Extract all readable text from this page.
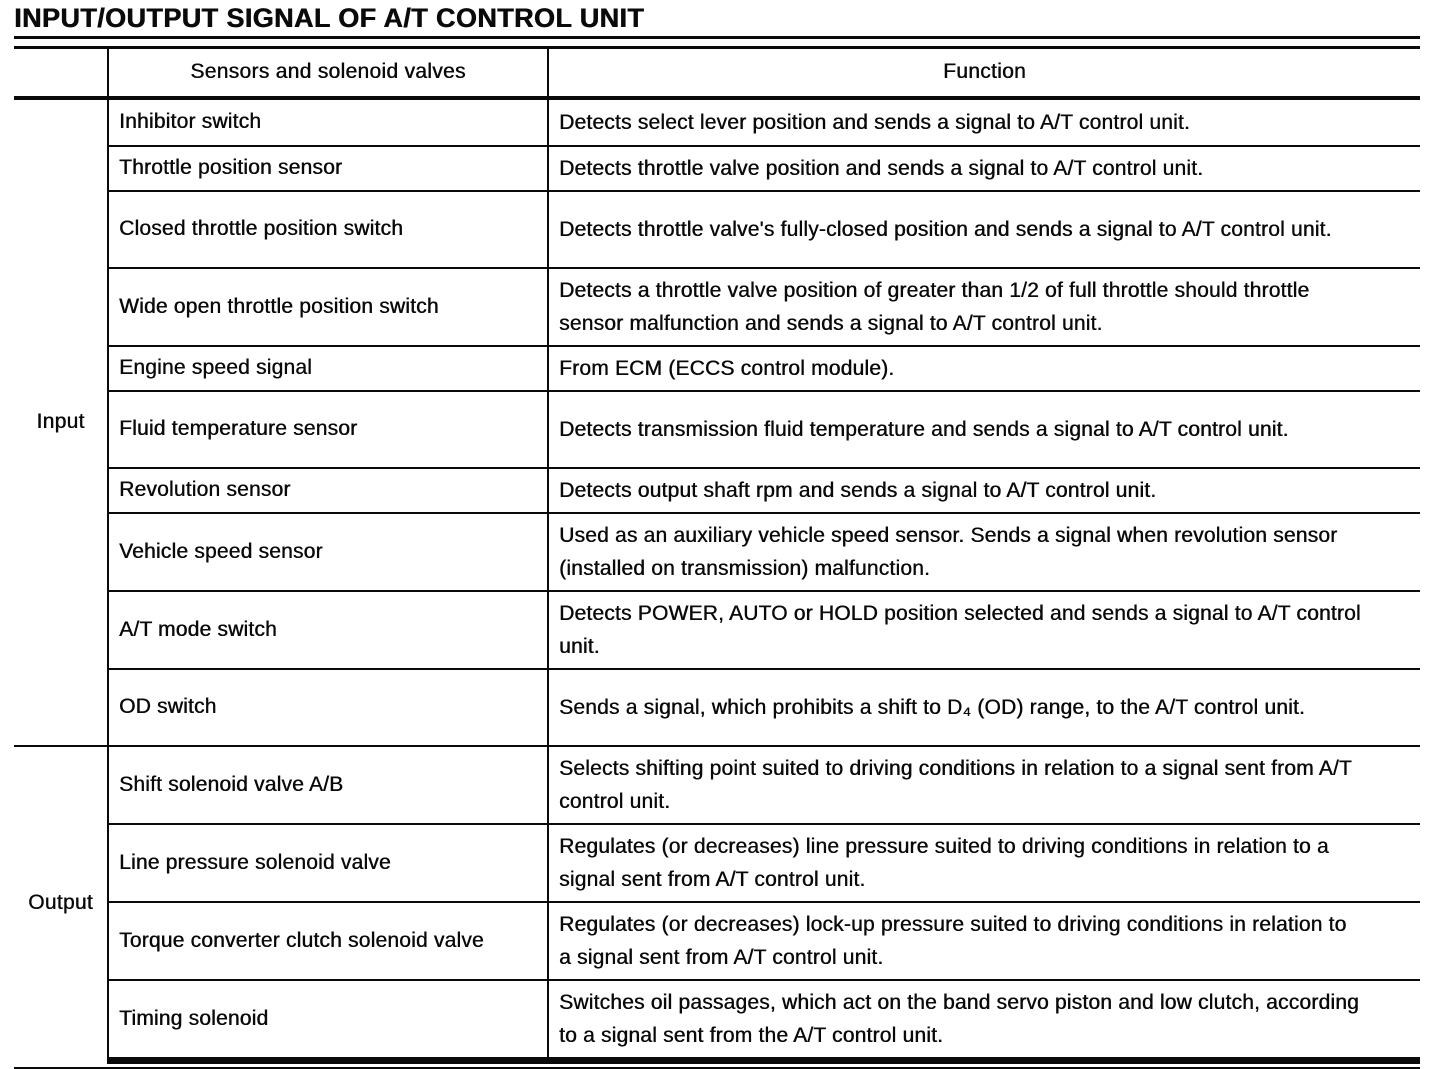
INPUT/OUTPUT SIGNAL OF A/T CONTROL UNIT
	Sensors and solenoid valves	Function
Input	Inhibitor switch	Detects select lever position and sends a signal to A/T control unit.
	Throttle position sensor	Detects throttle valve position and sends a signal to A/T control unit.
	Closed throttle position switch	Detects throttle valve's fully-closed position and sends a signal to A/T control unit.
	Wide open throttle position switch	Detects a throttle valve position of greater than 1/2 of full throttle should throttle sensor malfunction and sends a signal to A/T control unit.
	Engine speed signal	From ECM (ECCS control module).
	Fluid temperature sensor	Detects transmission fluid temperature and sends a signal to A/T control unit.
	Revolution sensor	Detects output shaft rpm and sends a signal to A/T control unit.
	Vehicle speed sensor	Used as an auxiliary vehicle speed sensor. Sends a signal when revolution sensor (installed on transmission) malfunction.
	A/T mode switch	Detects POWER, AUTO or HOLD position selected and sends a signal to A/T control unit.
	OD switch	Sends a signal, which prohibits a shift to D₄ (OD) range, to the A/T control unit.
Output	Shift solenoid valve A/B	Selects shifting point suited to driving conditions in relation to a signal sent from A/T control unit.
	Line pressure solenoid valve	Regulates (or decreases) line pressure suited to driving conditions in relation to a signal sent from A/T control unit.
	Torque converter clutch solenoid valve	Regulates (or decreases) lock-up pressure suited to driving conditions in relation to a signal sent from A/T control unit.
	Timing solenoid	Switches oil passages, which act on the band servo piston and low clutch, according to a signal sent from the A/T control unit.
